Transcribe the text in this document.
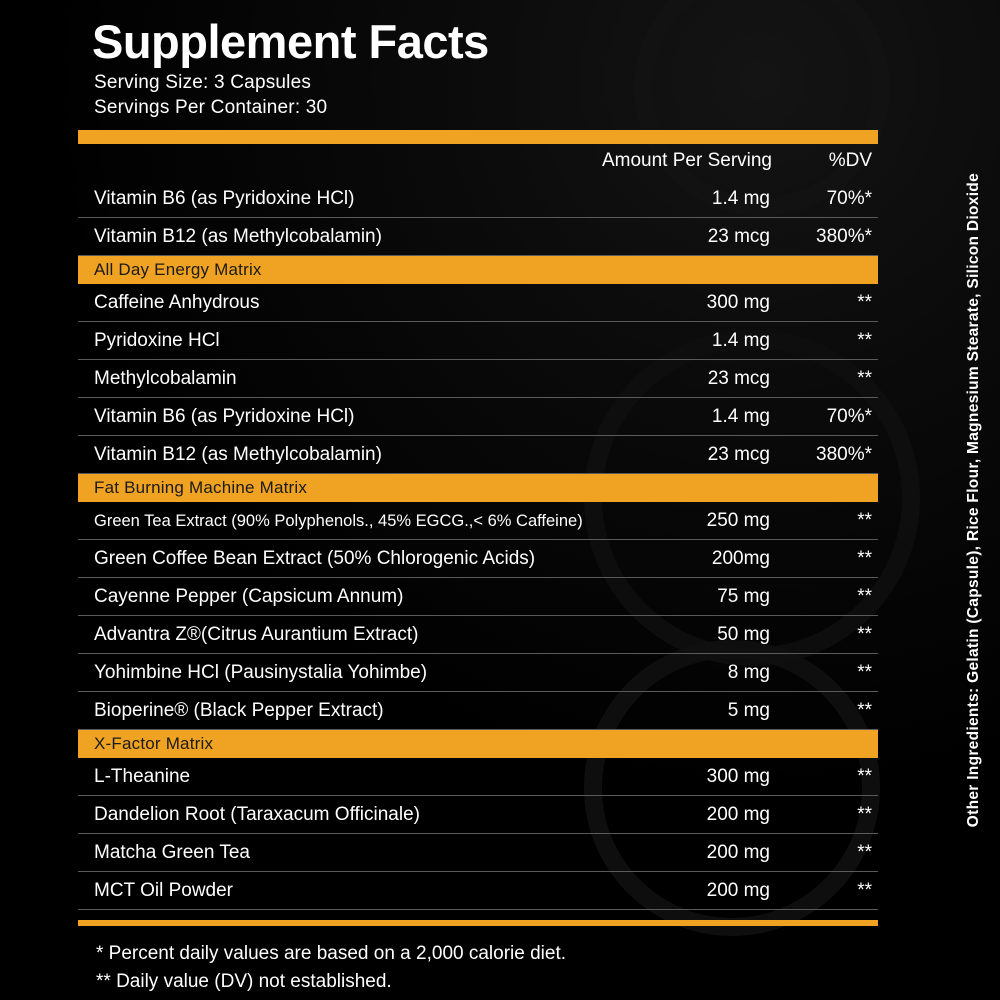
Supplement Facts
Serving Size: 3 Capsules
Servings Per Container: 30
Amount Per Serving	%DV
Vitamin B6 (as Pyridoxine HCl)	1.4 mg	70%*
Vitamin B12 (as Methylcobalamin)	23 mcg	380%*
All Day Energy Matrix
Caffeine Anhydrous	300 mg	**
Pyridoxine HCl	1.4 mg	**
Methylcobalamin	23 mcg	**
Vitamin B6 (as Pyridoxine HCl)	1.4 mg	70%*
Vitamin B12 (as Methylcobalamin)	23 mcg	380%*
Fat Burning Machine Matrix
Green Tea Extract (90% Polyphenols., 45% EGCG.,< 6% Caffeine)	250 mg	**
Green Coffee Bean Extract (50% Chlorogenic Acids)	200mg	**
Cayenne Pepper (Capsicum Annum)	75 mg	**
Advantra Z®(Citrus Aurantium Extract)	50 mg	**
Yohimbine HCl (Pausinystalia Yohimbe)	8 mg	**
Bioperine® (Black Pepper Extract)	5 mg	**
X-Factor Matrix
L-Theanine	300 mg	**
Dandelion Root (Taraxacum Officinale)	200 mg	**
Matcha Green Tea	200 mg	**
MCT Oil Powder	200 mg	**
* Percent daily values are based on a 2,000 calorie diet.
** Daily value (DV) not established.
Other Ingredients: Gelatin (Capsule), Rice Flour, Magnesium Stearate, Silicon Dioxide
